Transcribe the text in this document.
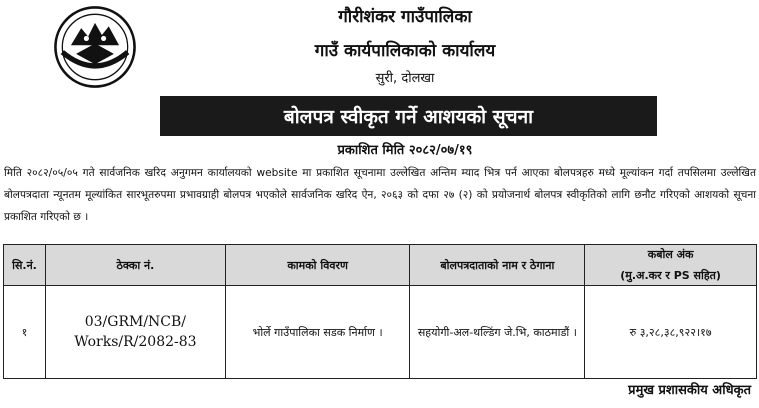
गौरीशंकर गाउँपालिका
गाउँ कार्यपालिकाको कार्यालय
सुरी, दोलखा
बोलपत्र स्वीकृत गर्ने आशयको सूचना
प्रकाशित मिति २०८२/०७/१९
मिति २०८२/०५/०५ गते सार्वजनिक खरिद अनुगमन कार्यालयको website मा प्रकाशित सूचनामा उल्लेखित अन्तिम म्याद भित्र पर्न आएका बोलपत्रहरु मध्ये मूल्यांकन गर्दा तपसिलमा उल्लेखित बोलपत्रदाता न्यूनतम मूल्यांकित सारभूतरुपमा प्रभावग्राही बोलपत्र भएकोले सार्वजनिक खरिद ऐन, २०६३ को दफा २७ (२) को प्रयोजनार्थ बोलपत्र स्वीकृतिको लागि छनौट गरिएको आशयको सूचना प्रकाशित गरिएको छ ।
सि.नं.	ठेक्का नं.	कामको विवरण	बोलपत्रदाताको नाम र ठेगाना	कबोल अंक
(मु.अ.कर र PS सहित)

१	03/GRM/NCB/ Works/R/2082-83	भोर्ले गाउँपालिका सडक निर्माण ।	सहयोगी-अल-थल्डिंग जे.भि, काठमाडौं ।	रु ३,२८,३८,९२२।१७
प्रमुख प्रशासकीय अधिकृत
